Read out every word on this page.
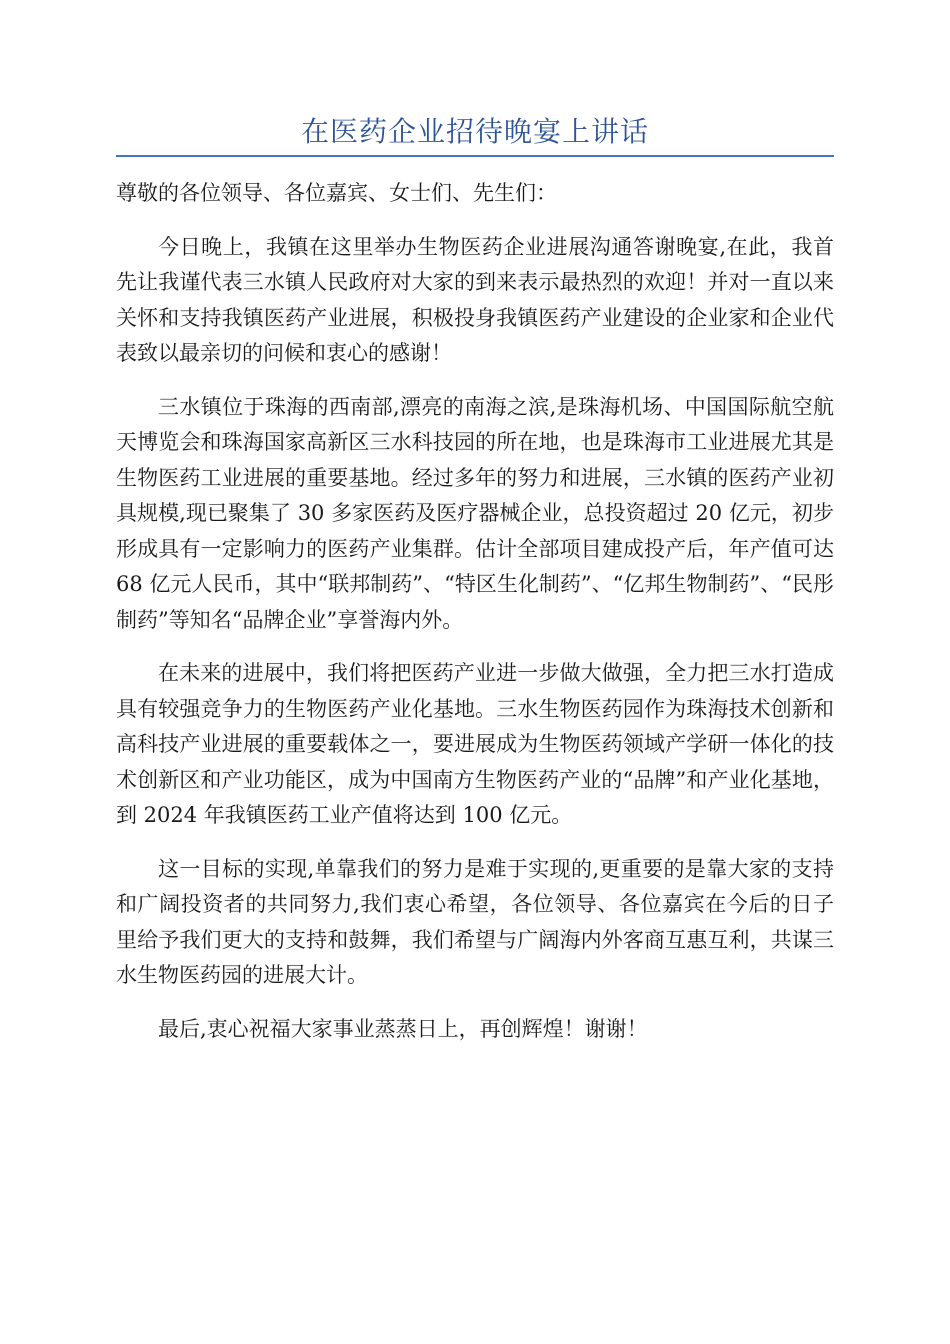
在医药企业招待晚宴上讲话

尊敬的各位领导、各位嘉宾、女士们、先生们：

今日晚上，我镇在这里举办生物医药企业进展沟通答谢晚宴,在此，我首先让我谨代表三水镇人民政府对大家的到来表示最热烈的欢迎！并对一直以来关怀和支持我镇医药产业进展，积极投身我镇医药产业建设的企业家和企业代表致以最亲切的问候和衷心的感谢！

三水镇位于珠海的西南部,漂亮的南海之滨,是珠海机场、中国国际航空航天博览会和珠海国家高新区三水科技园的所在地，也是珠海市工业进展尤其是生物医药工业进展的重要基地。经过多年的努力和进展，三水镇的医药产业初具规模,现已聚集了 30 多家医药及医疗器械企业，总投资超过 20 亿元，初步形成具有一定影响力的医药产业集群。估计全部项目建成投产后，年产值可达 68 亿元人民币，其中“联邦制药”、“特区生化制药”、“亿邦生物制药”、“民彤制药”等知名“品牌企业”享誉海内外。

在未来的进展中，我们将把医药产业进一步做大做强，全力把三水打造成具有较强竞争力的生物医药产业化基地。三水生物医药园作为珠海技术创新和高科技产业进展的重要载体之一，要进展成为生物医药领域产学研一体化的技术创新区和产业功能区，成为中国南方生物医药产业的“品牌”和产业化基地，到 2024 年我镇医药工业产值将达到 100 亿元。

这一目标的实现,单靠我们的努力是难于实现的,更重要的是靠大家的支持和广阔投资者的共同努力,我们衷心希望，各位领导、各位嘉宾在今后的日子里给予我们更大的支持和鼓舞，我们希望与广阔海内外客商互惠互利，共谋三水生物医药园的进展大计。

最后,衷心祝福大家事业蒸蒸日上，再创辉煌！谢谢！
